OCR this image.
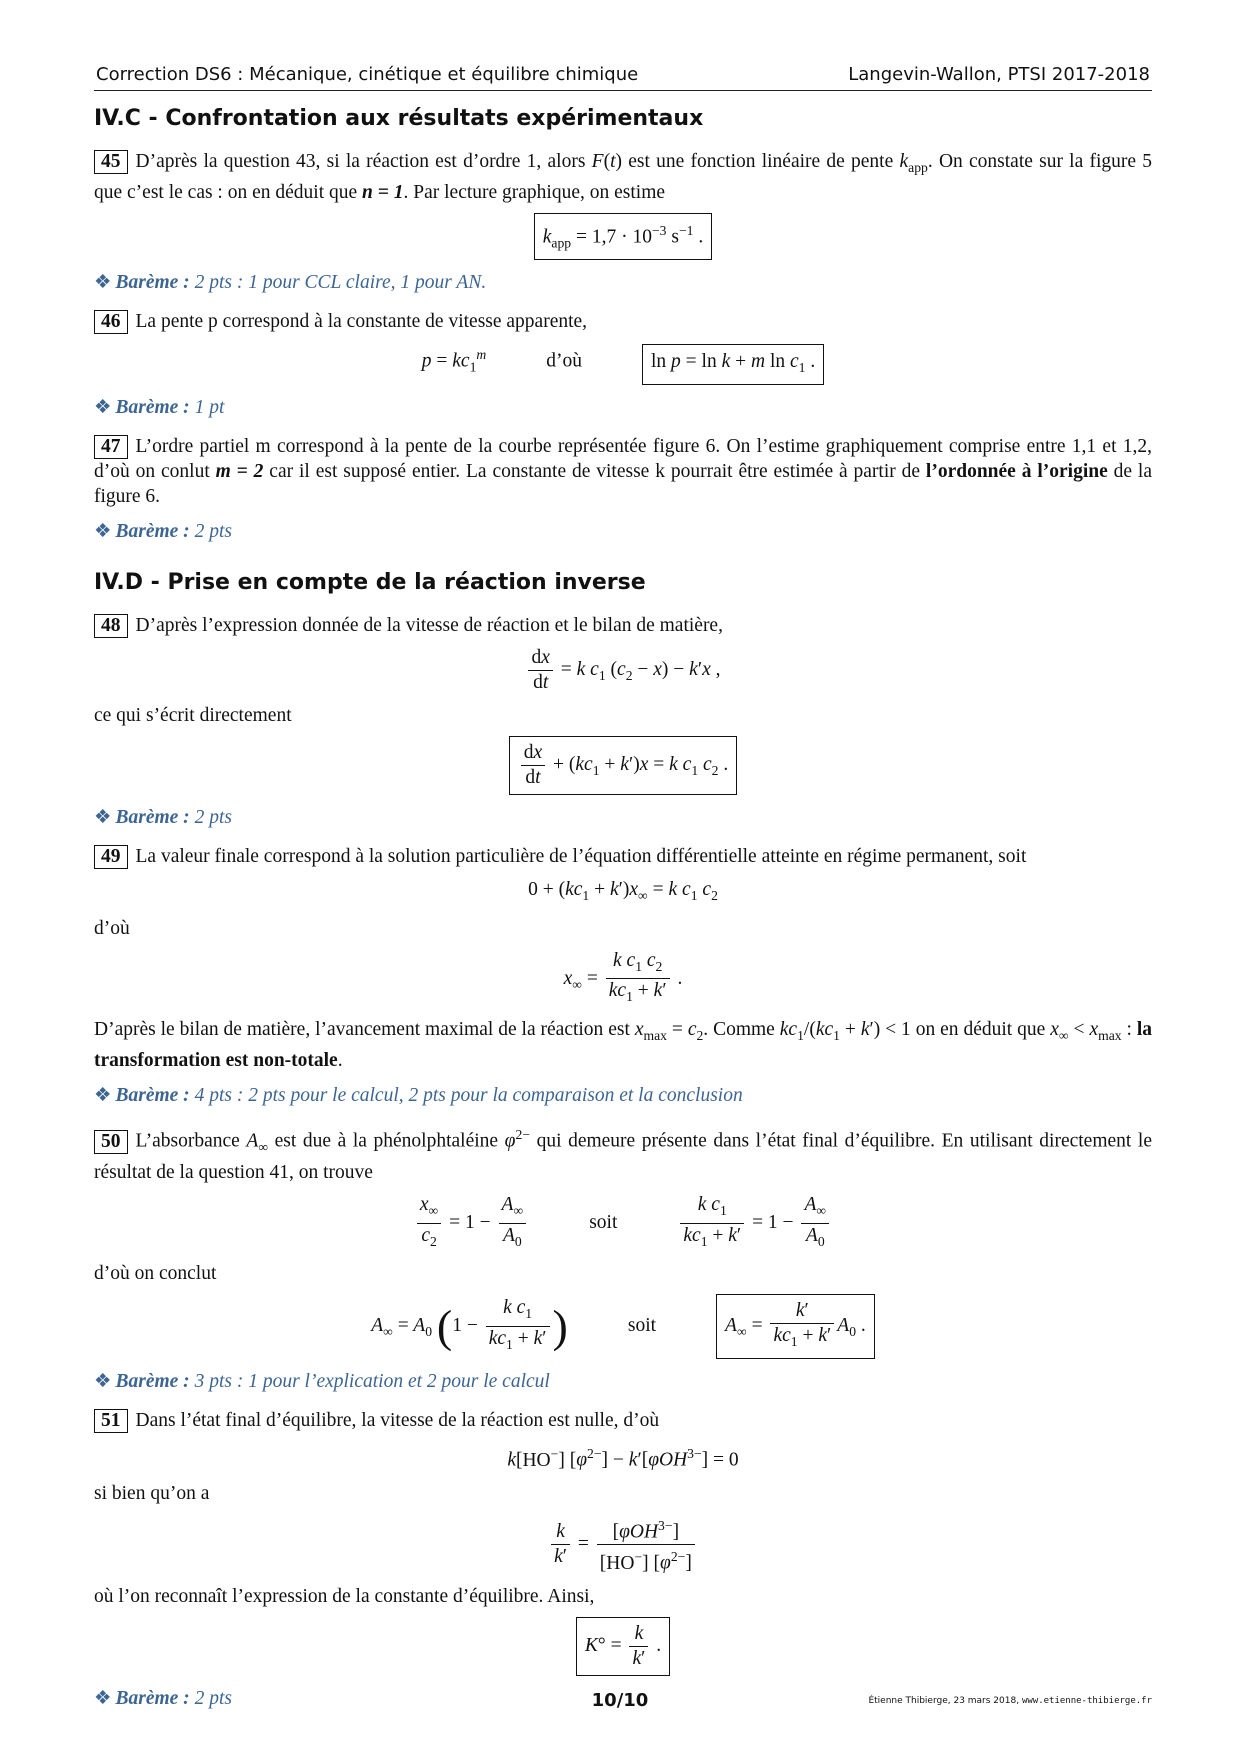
Correction DS6 : Mécanique, cinétique et équilibre chimique	Langevin-Wallon, PTSI 2017-2018
IV.C - Confrontation aux résultats expérimentaux

45 D’après la question 43, si la réaction est d’ordre 1, alors F(t) est une fonction linéaire de pente $k_{app}$. On constate sur la figure 5 que c’est le cas : on en déduit que n = 1. Par lecture graphique, on estime

$k_{app} = 1,7 \cdot 10^{-3}$ $s^{-1}$ .
❖ Barème : 2 pts : 1 pour CCL claire, 1 pour AN.

46 La pente p correspond à la constante de vitesse apparente,

$p = kc_1^m$	d’où	ln p = ln k + m $\ln c_1$ .
❖ Barème : 1 pt

47 L’ordre partiel m correspond à la pente de la courbe représentée figure 6. On l’estime graphiquement comprise entre 1,1 et 1,2, d’où on conlut m = 2 car il est supposé entier. La constante de vitesse k pourrait être estimée à partir de l’ordonnée à l’origine de la figure 6.

❖ Barème : 2 pts
IV.D - Prise en compte de la réaction inverse

48 D’après l’expression donnée de la vitesse de réaction et le bilan de matière,

$\frac{dx}{dt} = k$ $c_1$ $(c_2 - x) - k'x$ ,

ce qui s’écrit directement

$\frac{dx}{dt} + (kc_1 + k')x = k$ $c_1$ $c_2$ .
❖ Barème : 2 pts

49 La valeur finale correspond à la solution particulière de l’équation différentielle atteinte en régime permanent, soit

$0 + (kc_1 + k')x_\infty = k$ $c_1$ $c_2$

d’où

$x_\infty = \frac{k c_1 c_2}{kc_1 + k'}$ .

D’après le bilan de matière, l’avancement maximal de la réaction est $x_{max} = c_2$. Comme $kc_1/(kc_1 + k') < 1$ on en déduit que $x_\infty < x_{max}$ : la transformation est non-totale.

❖ Barème : 4 pts : 2 pts pour le calcul, 2 pts pour la comparaison et la conclusion

50 L’absorbance $A_\infty$ est due à la phénolphtaléine $\varphi^{2-}$ qui demeure présente dans l’état final d’équilibre. En utilisant directement le résultat de la question 41, on trouve

$\frac{x_\infty}{c_2} = 1 - \frac{A_\infty}{A_0}$	soit	$\frac{k c_1}{kc_1 + k'} = 1 - \frac{A_\infty}{A_0}$

d’où on conclut

$A_\infty = A_0$ ($1 - \frac{k c_1}{kc_1 + k'}$ )	soit	$A_\infty = \frac{k'}{kc_1 + k'} A_0$ .
❖ Barème : 3 pts : 1 pour l’explication et 2 pour le calcul

51 Dans l’état final d’équilibre, la vitesse de la réaction est nulle, d’où

k[HO−] $[\varphi^{2-}] - k'[\varphi OH^{3-}] = 0$

si bien qu’on a

$\frac{k}{k'} = \frac{[\varphi OH^{3-}]}{[HO^-] [\varphi^{2-}]}$

où l’on reconnaît l’expression de la constante d’équilibre. Ainsi,

$K^\circ = \frac{k}{k'}$ .
❖ Barème : 2 pts	10/10	Étienne Thibierge, 23 mars 2018, www.etienne-thibierge.fr
